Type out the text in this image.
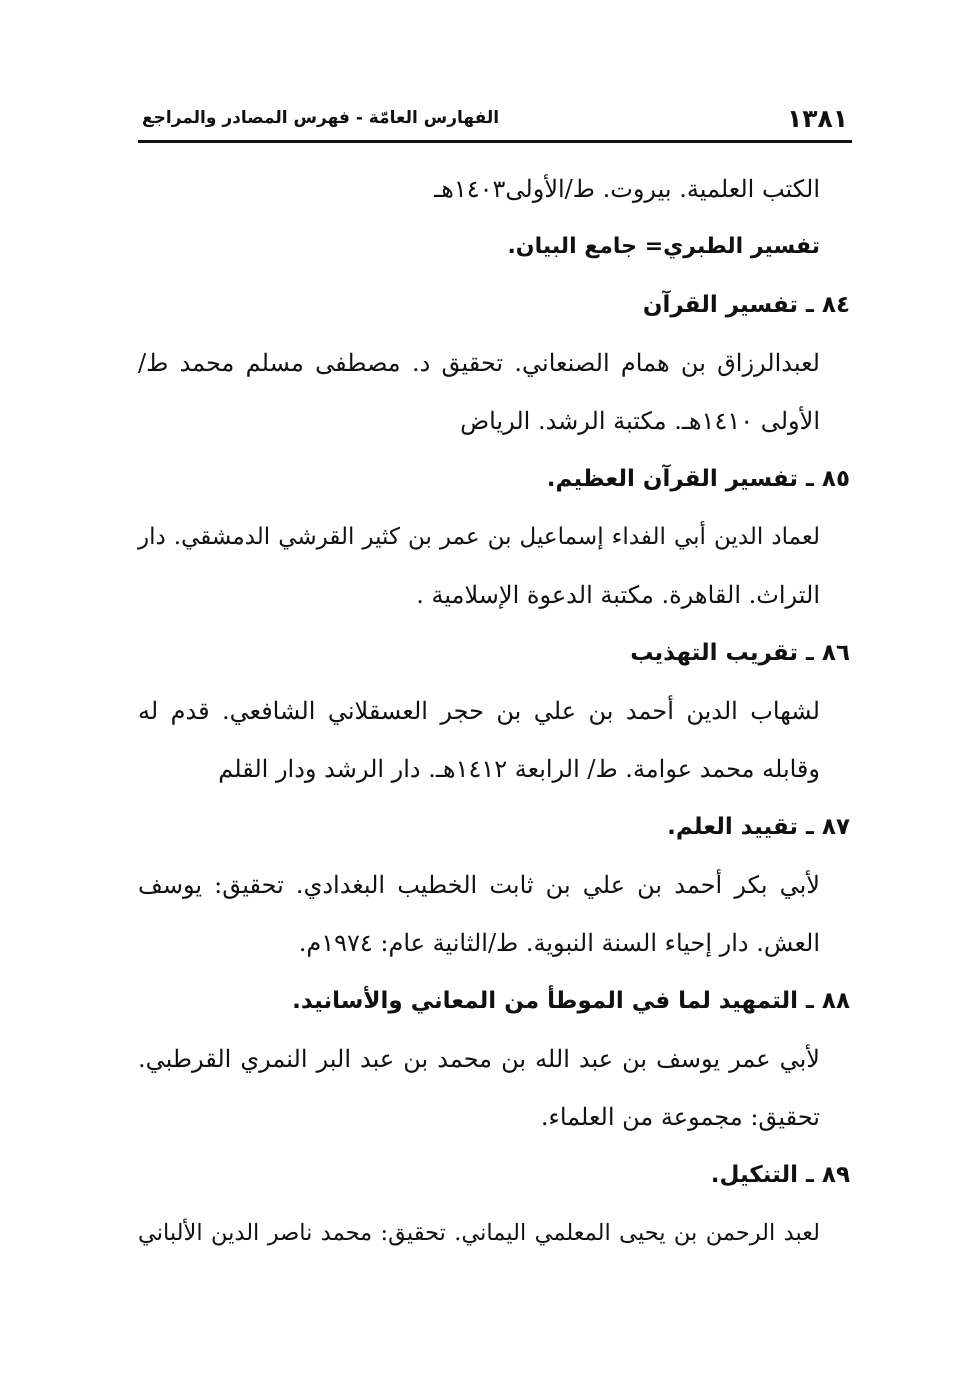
١٣٨١
الفهارس العامّة - فهرس المصادر والمراجع
الكتب العلمية. بيروت. ط/الأولى١٤٠٣هـ
تفسير الطبري= جامع البيان.
٨٤ ـ تفسير القرآن
لعبدالرزاق بن همام الصنعاني. تحقيق د. مصطفى مسلم محمد ط/
الأولى ١٤١٠هـ. مكتبة الرشد. الرياض
٨٥ ـ تفسير القرآن العظيم.
لعماد الدين أبي الفداء إسماعيل بن عمر بن كثير القرشي الدمشقي. دار
التراث. القاهرة. مكتبة الدعوة الإسلامية .
٨٦ ـ تقريب التهذيب
لشهاب الدين أحمد بن علي بن حجر العسقلاني الشافعي. قدم له
وقابله محمد عوامة. ط/ الرابعة ١٤١٢هـ. دار الرشد ودار القلم
٨٧ ـ تقييد العلم.
لأبي بكر أحمد بن علي بن ثابت الخطيب البغدادي. تحقيق: يوسف
العش. دار إحياء السنة النبوية. ط/الثانية عام: ١٩٧٤م.
٨٨ ـ التمهيد لما في الموطأ من المعاني والأسانيد.
لأبي عمر يوسف بن عبد الله بن محمد بن عبد البر النمري القرطبي.
تحقيق: مجموعة من العلماء.
٨٩ ـ التنكيل.
لعبد الرحمن بن يحيى المعلمي اليماني. تحقيق: محمد ناصر الدين الألباني
